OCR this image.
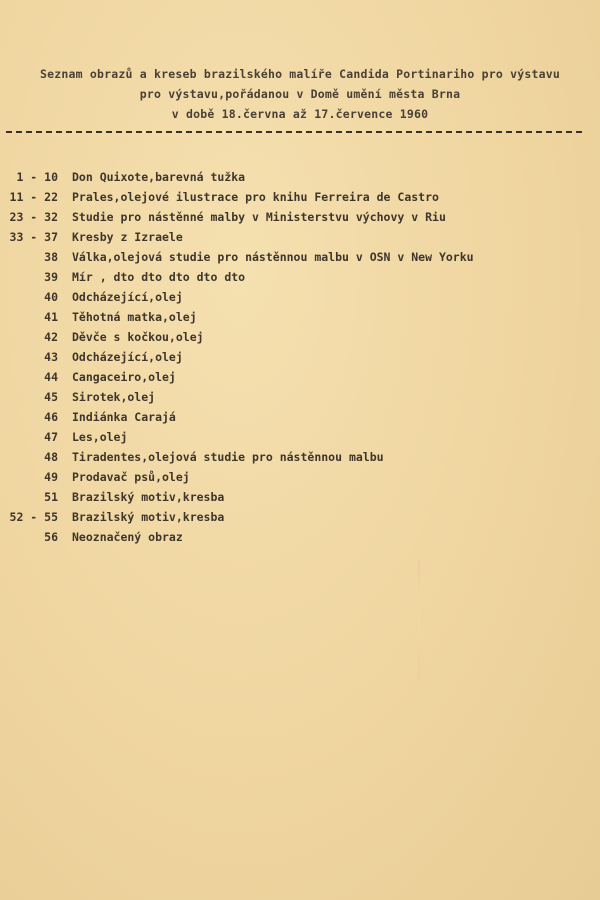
Seznam obrazů a kreseb brazilského malíře Candida Portinariho pro výstavu
pro výstavu,pořádanou v Domě umění města Brna
v době 18.června až 17.července 1960
1 - 10 Don Quixote,barevná tužka
11 - 22 Prales,olejové ilustrace pro knihu Ferreira de Castro
23 - 32 Studie pro nástěnné malby v Ministerstvu výchovy v Riu
33 - 37 Kresby z Izraele
38 Válka,olejová studie pro nástěnnou malbu v OSN v New Yorku
39 Mír , dto dto dto dto dto
40 Odcházející,olej
41 Těhotná matka,olej
42 Děvče s kočkou,olej
43 Odcházející,olej
44 Cangaceiro,olej
45 Sirotek,olej
46 Indiánka Carajá
47 Les,olej
48 Tiradentes,olejová studie pro nástěnnou malbu
49 Prodavač psů,olej
51 Brazilský motiv,kresba
52 - 55 Brazilský motiv,kresba
56 Neoznačený obraz
